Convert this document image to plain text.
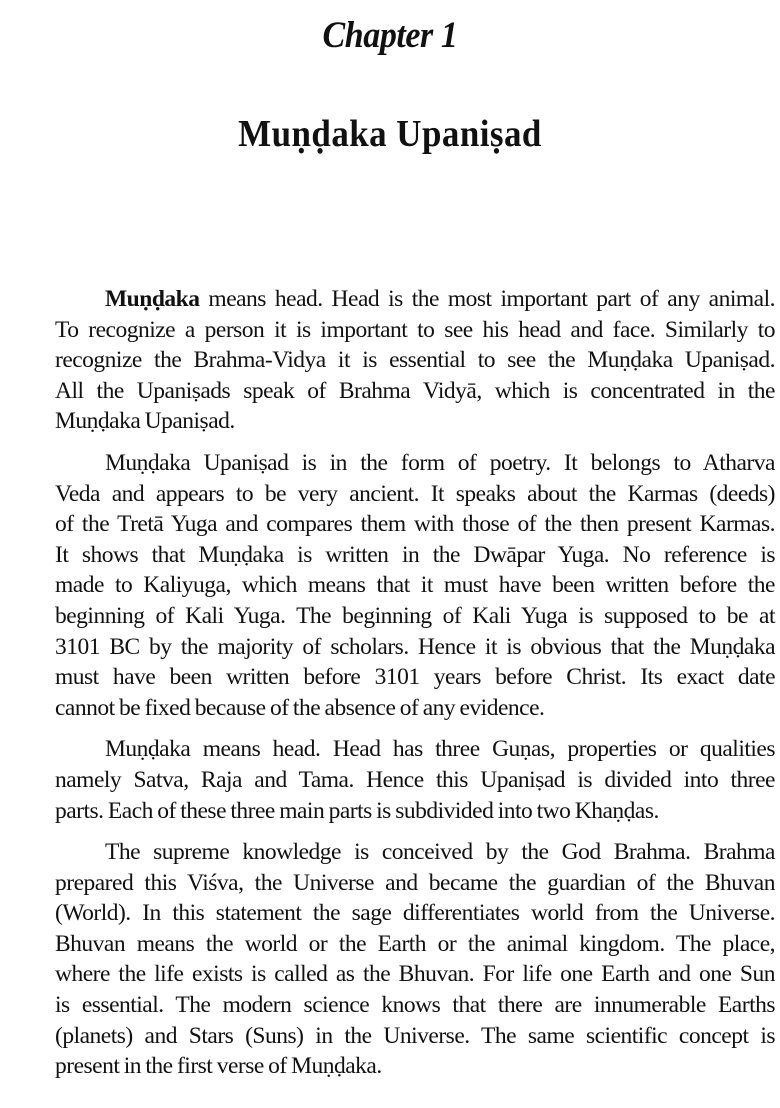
Chapter 1
Muṇḍaka Upaniṣad
Muṇḍaka means head. Head is the most important part of any animal.
To recognize a person it is important to see his head and face. Similarly to
recognize the Brahma-Vidya it is essential to see the Muṇḍaka Upaniṣad.
All the Upaniṣads speak of Brahma Vidyā, which is concentrated in the
Muṇḍaka Upaniṣad.
Muṇḍaka Upaniṣad is in the form of poetry. It belongs to Atharva
Veda and appears to be very ancient. It speaks about the Karmas (deeds)
of the Tretā Yuga and compares them with those of the then present Karmas.
It shows that Muṇḍaka is written in the Dwāpar Yuga. No reference is
made to Kaliyuga, which means that it must have been written before the
beginning of Kali Yuga. The beginning of Kali Yuga is supposed to be at
3101 BC by the majority of scholars. Hence it is obvious that the Muṇḍaka
must have been written before 3101 years before Christ. Its exact date
cannot be fixed because of the absence of any evidence.
Muṇḍaka means head. Head has three Guṇas, properties or qualities
namely Satva, Raja and Tama. Hence this Upaniṣad is divided into three
parts. Each of these three main parts is subdivided into two Khaṇḍas.
The supreme knowledge is conceived by the God Brahma. Brahma
prepared this Viśva, the Universe and became the guardian of the Bhuvan
(World). In this statement the sage differentiates world from the Universe.
Bhuvan means the world or the Earth or the animal kingdom. The place,
where the life exists is called as the Bhuvan. For life one Earth and one Sun
is essential. The modern science knows that there are innumerable Earths
(planets) and Stars (Suns) in the Universe. The same scientific concept is
present in the first verse of Muṇḍaka.
